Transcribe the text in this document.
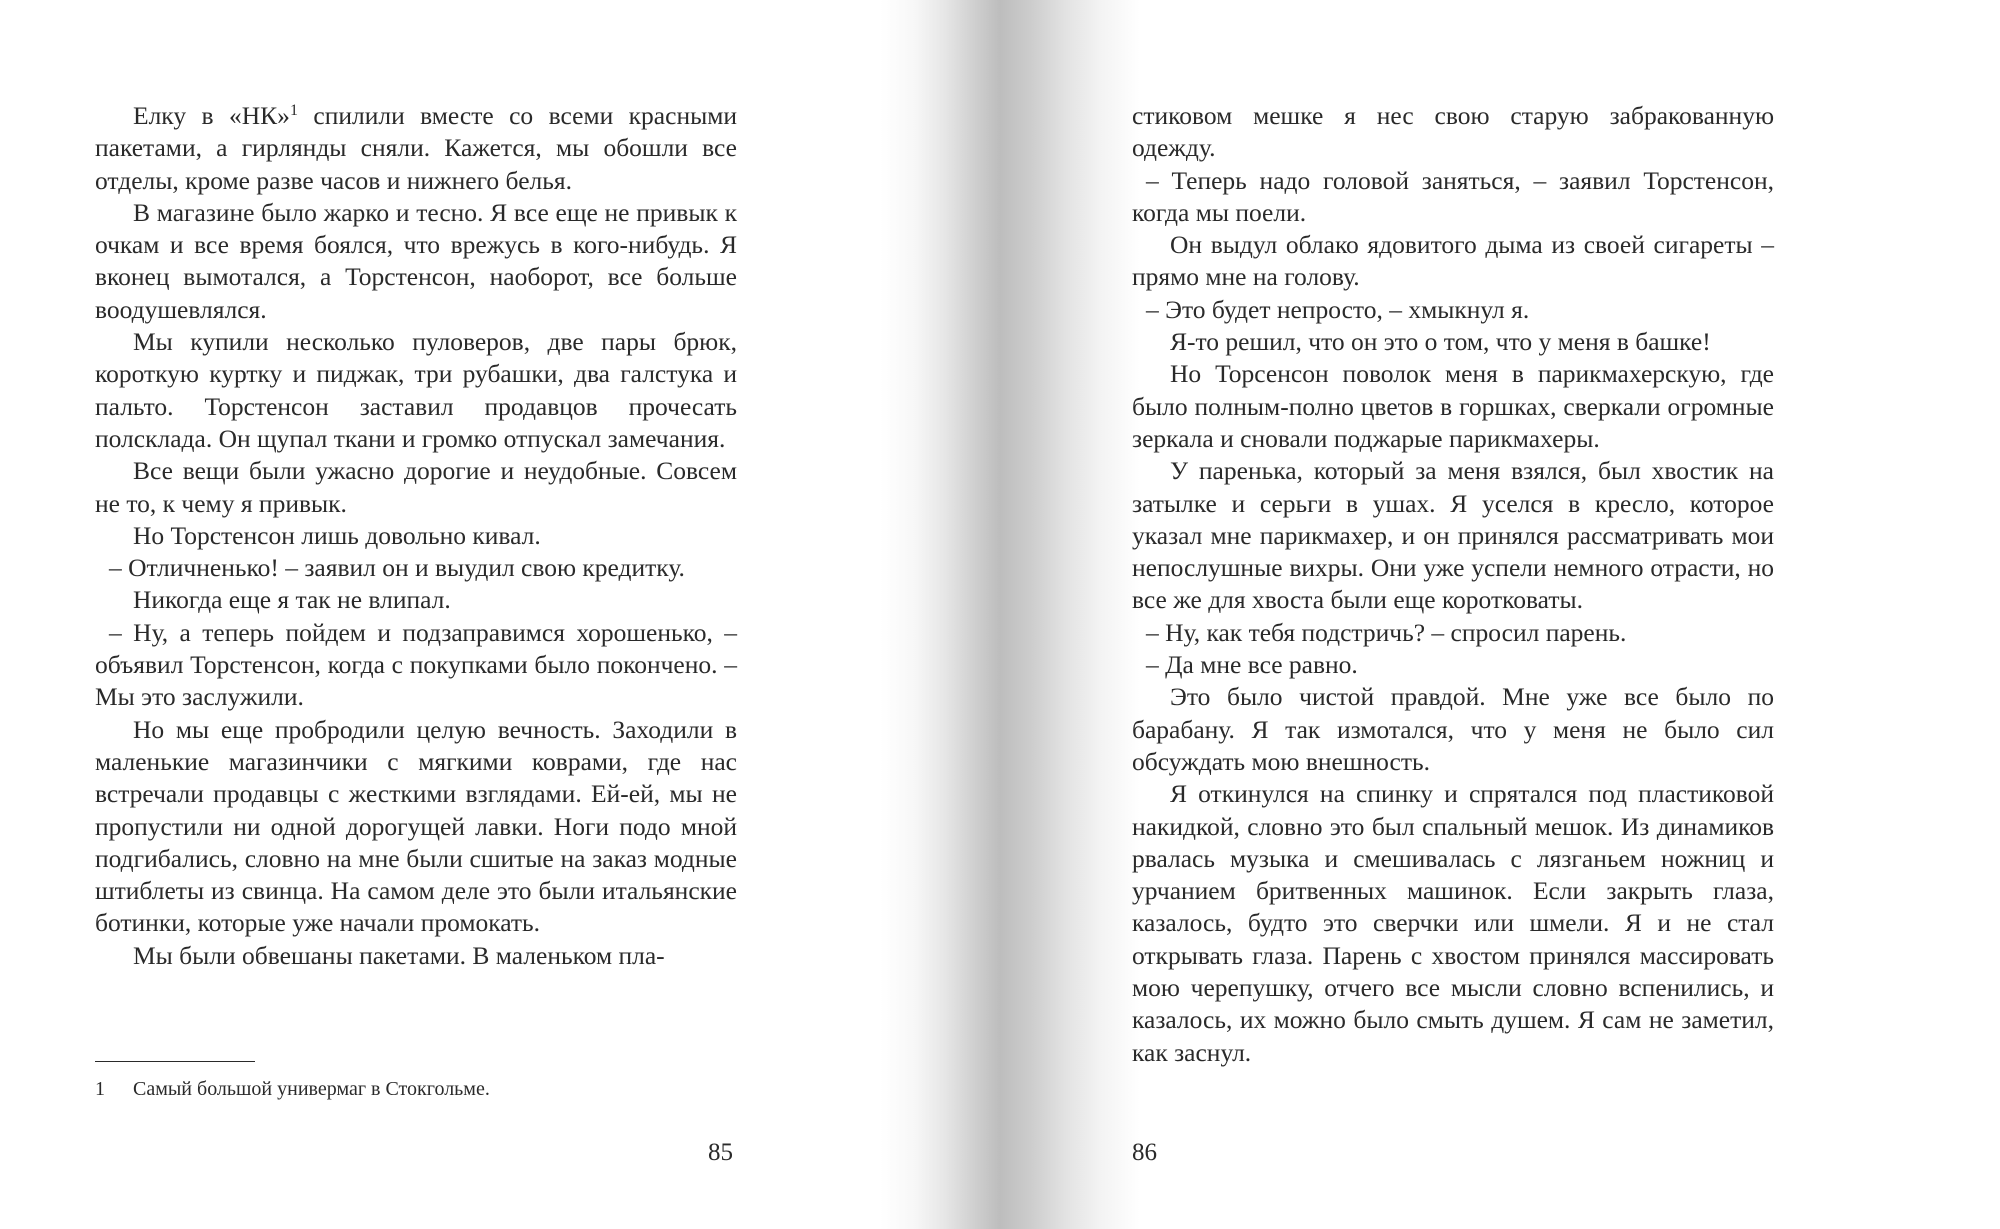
Елку в «НК»$^1$ спилили вместе со всеми красными пакетами, а гирлянды сняли. Кажется, мы обошли все отделы, кроме разве часов и нижнего белья.

В магазине было жарко и тесно. Я все еще не привык к очкам и все время боялся, что врежусь в кого-нибудь. Я вконец вымотался, а Торстенсон, наоборот, все больше воодушевлялся.

Мы купили несколько пуловеров, две пары брюк, короткую куртку и пиджак, три рубашки, два галстука и пальто. Торстенсон заставил продавцов прочесать полсклада. Он щупал ткани и громко отпускал замечания.

Все вещи были ужасно дорогие и неудобные. Совсем не то, к чему я привык.

Но Торстенсон лишь довольно кивал.

– Отличненько! – заявил он и выудил свою кредитку.

Никогда еще я так не влипал.

– Ну, а теперь пойдем и подзаправимся хорошенько, – объявил Торстенсон, когда с покупками было покончено. – Мы это заслужили.

Но мы еще пробродили целую вечность. Заходили в маленькие магазинчики с мягкими коврами, где нас встречали продавцы с жесткими взглядами. Ей-ей, мы не пропустили ни одной дорогущей лавки. Ноги подо мной подгибались, словно на мне были сшитые на заказ модные штиблеты из свинца. На самом деле это были итальянские ботинки, которые уже начали промокать.

Мы были обвешаны пакетами. В маленьком пла-

1 Самый большой универмаг в Стокгольме.
85

стиковом мешке я нес свою старую забракованную одежду.

– Теперь надо головой заняться, – заявил Торстенсон, когда мы поели.

Он выдул облако ядовитого дыма из своей сигареты – прямо мне на голову.

– Это будет непросто, – хмыкнул я.

Я-то решил, что он это о том, что у меня в башке!

Но Торсенсон поволок меня в парикмахерскую, где было полным-полно цветов в горшках, сверкали огромные зеркала и сновали поджарые парикмахеры.

У паренька, который за меня взялся, был хвостик на затылке и серьги в ушах. Я уселся в кресло, которое указал мне парикмахер, и он принялся рассматривать мои непослушные вихры. Они уже успели немного отрасти, но все же для хвоста были еще коротковаты.

– Ну, как тебя подстричь? – спросил парень.

– Да мне все равно.

Это было чистой правдой. Мне уже все было по барабану. Я так измотался, что у меня не было сил обсуждать мою внешность.

Я откинулся на спинку и спрятался под пластиковой накидкой, словно это был спальный мешок. Из динамиков рвалась музыка и смешивалась с лязганьем ножниц и урчанием бритвенных машинок. Если закрыть глаза, казалось, будто это сверчки или шмели. Я и не стал открывать глаза. Парень с хвостом принялся массировать мою черепушку, отчего все мысли словно вспенились, и казалось, их можно было смыть душем. Я сам не заметил, как заснул.

86
